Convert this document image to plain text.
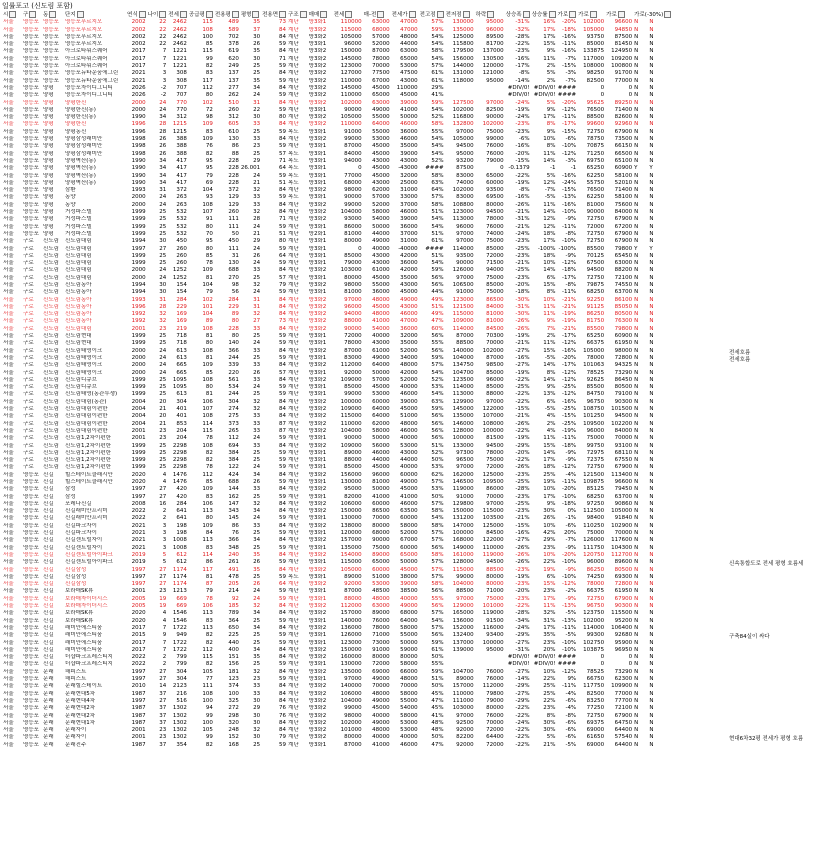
일률포고 (신도림 포함)
시	구	동	단지	연식	나이	전세	공급평	전용평	평형	전용면	구조	매매	전세	매-전	전세가	전고점	전저점	하락	상승폭	상승률	가로	가로	가로	가로(-30%)	
서울	영등포	영등포	영등포푸르지오	2002	22	2462	115	489	35	73	계단	방3화1	110000	63000	47000	57%	130000	95000	-31%	16%	-20%	102000	96600	N	N
서울	영등포	영등포	영등포푸르지오	2002	22	2462	108	589	37	84	계단	방3화2	115000	68000	47000	59%	135000	96000	-32%	17%	-18%	105000	94850	N	N
서울	영등포	영등포	영등포푸르지오	2002	22	2462	100	702	30	84	계단	방3화2	105000	57000	48000	54%	125000	89500	-28%	17%	-16%	93750	87500	N	N
서울	영등포	영등포	영등포푸르지오	2002	22	2462	85	378	26	59	계단	방3화1	96000	52000	44000	54%	115800	81700	-22%	15%	-11%	85000	81450	N	N
서울	영등포	영등포	아크로타워스퀘어	2017	7	1221	115	619	35	84	계단	방3화2	150000	87000	63000	58%	179500	137000	-23%	9%	-16%	133875	124950	N	N
서울	영등포	영등포	아크로타워스퀘어	2017	7	1221	99	620	30	71	계단	방3화2	145000	78000	65000	54%	156000	130500	-16%	11%	-7%	117000	109200	N	N
서울	영등포	영등포	아크로타워스퀘어	2017	7	1221	82	249	25	59	계단	방3화2	123000	70000	53000	57%	144000	120000	-17%	2%	-15%	108000	100800	N	N
서울	영등포	영등포	영등포뉴타운꿈에그린	2021	3	308	83	137	25	84	계단	방3화2	127000	77500	47500	61%	131000	121000	-8%	5%	-3%	98250	91700	N	N
서울	영등포	영등포	영등포뉴타운꿈에그린	2021	3	308	117	137	35	59	계단	방3화2	110000	67000	43000	61%	118000	95000	-14%	2%	-7%	82500	77000	N	N
서울	영등포	양평	영등포자이디그니티	2026	-2	707	112	277	34	84	계단	방3화2	145000	45000	110000	29%			#DIV/0!	#DIV/0!	####	0	0	N	N
서울	영등포	양평	영등포자이디그니티	2026	-2	707	80	262	24	59	계단	방3화2	110000	65000	45000	41%			#DIV/0!	#DIV/0!	####	0	0	N	N
서울	영등포	양평	양평한신	2000	24	770	102	510	31	84	계단	방3화2	102000	63000	39000	59%	127500	97000	-24%	5%	-20%	95625	89250	N	N
서울	영등포	양평	양평한신(동)	2000	24	770	72	260	22	59	계단	방3화1	90000	49000	41000	54%	102000	82500	-19%	9%	-12%	76500	71400	N	N
서울	영등포	양평	양평한신(동)	1990	34	312	98	312	30	80	계단	방3화2	105000	55000	50000	52%	116800	90000	-24%	17%	-11%	88500	82600	N	N
서울	영등포	양평	양평한신	1996	28	1215	109	605	33	84	계단	방3화2	110000	64000	46000	58%	132800	102000	-23%	8%	-17%	99600	92960	N	N
서울	영등포	양평	양평동신	1996	28	1215	83	610	25	59	복도	방3화1	91000	55000	36000	55%	97000	75000	-23%	9%	-15%	72750	67900	N	N
서울	영등포	양평	양평삼성래미안	1998	26	388	109	130	33	84	계단	방3화2	99000	53000	46000	54%	105000	99000	-6%	10%	-6%	78750	73500	N	N
서울	영등포	양평	양평삼성래미안	1998	26	388	76	86	23	59	계단	방3화1	87000	45000	35000	54%	94500	76000	-16%	8%	-10%	70875	66150	N	N
서울	영등포	양평	양평삼성래미안	1998	26	388	82	88	25	57	복도	방3화1	84000	45000	39000	54%	95000	76000	-20%	11%	-12%	71250	66500	N	N
서울	영등포	양평	양평벽산(동)	1990	34	417	95	228	29	71	복도	방3화1	94000	43000	43000	52%	93200	79000	-15%	14%	-3%	69750	65100	N	N
서울	영등포	양평	양평벽산(동)	1990	34	417	95	228	26.001	64	복도	방3화1	0	45000	-43000	####	87500	0	-0.1379	-1	-1	65250	60900	Y	Y
서울	영등포	양평	양평벽산(동)	1990	34	417	79	228	24	59	복도	방3화1	77000	45000	32000	58%	83000	65000	-22%	5%	-16%	62250	58100	N	N
서울	영등포	양평	양평벽산(동)	1990	34	417	69	228	21	51	복도	방3화1	68000	43000	25000	63%	74000	60000	-19%	12%	-24%	55750	52010	N	N
서울	영등포	양평	삼환	1993	31	372	104	372	32	84	계단	방3화2	98000	62000	31000	64%	102000	93500	-8%	-7%	-15%	76500	71400	N	N
서울	영등포	양평	동양	2000	24	263	93	129	33	59	복도	방3화1	90000	57000	33000	57%	83000	69500	-16%	-5%	-13%	62250	58100	N	N
서울	영등포	양평	동양	2000	24	263	108	129	33	84	계단	방3화2	99000	52000	37000	58%	108800	80000	-26%	11%	-16%	81000	75600	N	N
서울	영등포	양평	거성파스텔	1999	25	532	107	260	32	84	계단	방3화2	104000	58000	46000	51%	123000	94500	-21%	14%	-10%	90000	84000	N	N
서울	영등포	양평	거성파스텔	1999	25	532	91	111	28	71	계단	방3화2	93000	54000	39000	54%	113000	78000	-31%	12%	-9%	72750	67900	N	N
서울	영등포	양평	거성파스텔	1999	25	532	80	111	24	59	계단	방3화1	86000	50000	36000	54%	96000	76000	-21%	12%	-11%	72000	67200	N	N
서울	영등포	양평	거성파스텔	1999	25	532	70	50	21	51	계단	방2화1	81000	44000	37000	51%	97000	74000	-24%	18%	-8%	72750	67900	N	N
서울	구로	신도림	신도림대림	1994	30	450	95	450	29	80	계단	방3화1	80000	49000	31000	61%	97000	75000	-23%	17%	-10%	72750	67900	N	N
서울	구로	신도림	신도림대림	1997	27	260	80	111	24	59	계단	방3화1	0	40000	-40000	####	114000	85000	-25%	-100%	-100%	85500	79800	Y	Y
서울	구로	신도림	신도림대림	1999	25	260	85	31	26	64	계단	방3화1	85000	43000	42000	51%	93500	72000	-23%	18%	-9%	70125	65450	N	N
서울	구로	신도림	신도림대림	1999	25	260	78	130	24	59	계단	방3화1	79000	43000	36000	54%	90000	71500	-21%	10%	-12%	67500	63000	N	N
서울	구로	신도림	신도림대림	2000	24	1252	109	688	33	84	계단	방3화2	103000	61000	42000	59%	126000	94000	-25%	14%	-18%	94500	88200	N	N
서울	구로	신도림	신도림대림	2000	24	1252	81	270	25	57	계단	방3화1	80000	45000	35000	56%	97000	75000	-23%	6%	-17%	72750	72100	N	N
서울	구로	신도림	신도림동아	1994	30	154	104	98	32	79	계단	방3화2	98000	55000	43000	56%	106500	85000	-20%	15%	-8%	79875	74550	N	N
서울	구로	신도림	신도림동아	1994	30	154	79	56	24	59	계단	방3화1	81000	36000	45000	44%	91000	75000	-18%	8%	-11%	68250	63700	N	N
서울	구로	신도림	신도림동아	1993	31	284	102	284	31	84	계단	방3화2	97000	48000	49000	49%	123000	86500	-30%	10%	-21%	92250	86100	N	N
서울	구로	신도림	신도림동아	1996	28	229	101	229	31	84	계단	방3화2	96000	45000	43000	51%	121500	84000	-31%	11%	-21%	91125	85050	N	N
서울	구로	신도림	신도림동아	1992	32	169	104	89	32	84	계단	방3화2	94000	48000	46000	49%	115000	81000	-30%	11%	-19%	86250	80500	N	N
서울	구로	신도림	신도림동아	1992	32	169	89	80	27	73	계단	방3화2	88000	41000	47000	47%	109000	81000	-26%	9%	-19%	81750	76300	N	N
서울	구로	신도림	신도림대림	2001	23	219	108	228	33	84	계단	방3화2	90000	54000	36000	60%	114000	84500	-26%	7%	-21%	85500	79800	N	N
서울	구로	신도림	신도림현대	1999	25	718	81	80	25	59	계단	방3화1	72000	40000	32000	56%	87000	70300	-19%	2%	-17%	65250	60900	N	N
서울	구로	신도림	신도림현대	1999	25	718	80	140	24	59	계단	방3화1	78000	43000	35000	55%	88500	70000	-21%	11%	-12%	66375	61950	N	N
서울	구로	신도림	신도림태영이크	2000	24	613	108	366	33	84	계단	방3화2	87000	61000	52000	56%	140000	102000	-27%	15%	-16%	105000	98000	N	N
서울	구로	신도림	신도림태영이크	2000	24	613	81	244	25	59	계단	방3화1	83000	49000	34000	59%	104000	87000	-16%	-5%	-20%	78000	72800	N	N
서울	구로	신도림	신도림태영이크	2000	24	665	109	339	33	84	계단	방3화2	112000	64000	48000	57%	134750	98500	-27%	14%	-17%	101063	94325	N	N
서울	구로	신도림	신도림태영이크	2000	24	665	85	220	26	57	계단	방3화1	92000	50000	42000	54%	104700	85000	-19%	8%	-12%	78525	73290	N	N
서울	구로	신도림	신도림디큐브	1999	25	1095	108	561	33	84	계단	방3화2	109000	57000	52000	52%	123500	96000	-22%	14%	-12%	92625	86450	N	N
서울	구로	신도림	신도림디큐브	1999	25	1095	80	534	24	59	계단	방3화1	85000	45000	40000	53%	114000	85000	-25%	9%	-25%	85500	80500	N	N
서울	구로	신도림	신도림태영(동관투쟁)	1999	25	613	81	244	25	59	계단	방3화1	99000	53000	46000	54%	113000	88000	-22%	13%	-12%	84750	79100	N	N
서울	구로	신도림	신도림대림(동관)	2004	20	304	106	304	32	84	계단	방3화2	100000	60000	39000	63%	129900	97000	-22%	6%	-16%	96750	90300	N	N
서울	구로	신도림	신도림대림이편한	2004	21	401	107	274	32	84	계단	방3화2	109000	64000	45000	59%	145000	122000	-15%	-5%	-25%	108750	101500	N	N
서울	구로	신도림	신도림대림이편한	2004	20	401	108	275	33	84	계단	방3화2	115000	64000	51000	56%	135000	107000	-21%	4%	-15%	101250	94500	N	N
서울	구로	신도림	신도림대림이편한	2004	21	853	114	373	33	87	계단	방3화2	110000	62000	48000	56%	146000	108000	-26%	2%	-25%	109500	102200	N	N
서울	구로	신도림	신도림대림이편한	2001	23	204	115	265	33	87	계단	방3화2	104000	58000	46000	56%	128000	100000	-22%	4%	-19%	96000	84000	N	N
서울	구로	신도림	신도림1,2차이편한	2001	23	204	78	112	24	59	계단	방3화1	90000	50000	40000	56%	100000	81500	-19%	11%	-11%	75000	70000	N	N
서울	구로	신도림	신도림1,2차이편한	1999	25	2298	108	694	33	84	계단	방3화2	109000	56000	53000	51%	133000	94500	-29%	15%	-18%	99750	93100	N	N
서울	구로	신도림	신도림1,2차이편한	1999	25	2298	82	384	25	59	계단	방3화1	89000	46000	43000	52%	97300	78000	-20%	14%	-9%	72975	68110	N	N
서울	구로	신도림	신도림1,2차이편한	1999	25	2298	82	384	25	59	계단	방3화1	88000	44000	44000	50%	96500	75000	-22%	17%	-9%	72375	67550	N	N
서울	구로	신도림	신도림1,2차이편한	1999	25	2298	78	122	24	59	계단	방3화1	85000	45000	40000	53%	97000	72000	-26%	18%	-12%	72750	67900	N	N
서울	영등포	신길	힐스테이트클래시안	2020	4	1476	112	424	34	84	계단	방3화2	156000	96000	60000	62%	162000	125000	-23%	25%	-4%	121500	113400	N	N
서울	영등포	신길	힐스테이트클래시안	2020	4	1476	85	688	26	59	계단	방3화1	130000	81000	49000	57%	146500	109500	-25%	19%	-11%	109875	96600	N	N
서울	영등포	신길	삼성	1997	27	420	109	144	33	84	계단	방3화2	95000	50000	45000	53%	119000	86000	-28%	10%	-20%	85125	79450	N	N
서울	영등포	신길	삼성	1997	27	420	83	162	25	59	계단	방3화1	82000	41000	41000	50%	91000	70000	-23%	17%	-10%	68250	63700	N	N
서울	영등포	신길	포레나신길	2008	16	284	106	147	32	84	계단	방3화2	106000	60000	46000	57%	129800	97000	-25%	9%	-18%	97250	90860	N	N
서울	영등포	신길	신길래미안프리미	2022	2	641	113	343	34	84	계단	방3화2	150000	86500	63500	58%	150000	115000	-23%	30%	0%	112500	105000	N	N
서울	영등포	신길	신길래미안프리미	2022	2	641	80	145	24	59	계단	방3화1	130000	70000	60000	54%	131200	103500	-21%	26%	-1%	98400	91840	N	N
서울	영등포	신길	신길파크자이	2021	3	198	109	86	33	84	계단	방3화2	138000	80000	58000	58%	147000	125000	-15%	10%	-6%	110250	102900	N	N
서울	영등포	신길	신길파크자이	2021	3	198	84	76	25	59	계단	방3화1	120000	68000	52000	57%	100000	84500	-16%	42%	20%	75000	70000	N	N
서울	영등포	신길	신길센트럴자이	2021	3	1008	113	366	34	84	계단	방3화2	157000	90000	67000	57%	168000	122000	-27%	29%	-7%	126000	117600	N	N
서울	영등포	신길	신길센트럴자이	2021	3	1008	83	348	25	59	계단	방3화1	135000	75000	60000	56%	149000	110000	-26%	23%	-9%	111750	104300	N	N
서울	영등포	신길	신길센트럴아이파크	2019	5	612	114	240	35	84	계단	방3화2	154000	89000	65000	58%	161000	119000	-26%	10%	-20%	120750	112700	N	N
서울	영등포	신길	신길센트럴아이파크	2019	5	612	86	261	26	59	계단	방3화1	115000	65000	50000	57%	128000	94500	-26%	22%	-10%	96000	89600	N	N
서울	영등포	신길	신길삼성	1997	27	1174	117	491	35	84	계단	방3화2	105000	60000	45000	57%	115000	88500	-23%	19%	-9%	86250	80500	N	N
서울	영등포	신길	신길삼성	1997	27	1174	81	478	25	59	복도	방3화1	89000	51000	38000	57%	99000	80000	-19%	6%	-10%	74250	69300	N	N
서울	영등포	신길	신길삼성	1997	27	1174	87	205	26	64	계단	방3화2	92000	53000	39000	58%	104000	80000	-23%	15%	-12%	78000	72800	N	N
서울	영등포	신길	보라매SK뷰	2001	23	1213	79	214	24	59	계단	방3화1	87000	48500	38500	56%	88500	71000	-20%	23%	-2%	66375	61950	N	N
서울	영등포	신길	보라매자이더시스	2005	19	669	78	92	24	59	계단	방3화1	88000	48000	40000	55%	97000	75000	-23%	17%	-9%	72750	67900	N	N
서울	영등포	신길	보라매자이더시스	2005	19	669	106	185	32	84	계단	방3화2	112000	63000	49000	56%	129000	101000	-22%	11%	-13%	96750	90300	N	N
서울	영등포	신길	보라매SK뷰	2020	4	1546	113	789	34	84	계단	방3화2	157000	89000	68000	57%	165000	119000	-28%	32%	-5%	123750	115500	N	N
서울	영등포	신길	보라매SK뷰	2020	4	1546	83	364	25	59	계단	방3화1	140000	76000	64000	54%	136000	91500	-34%	31%	-13%	102000	95200	N	N
서울	영등포	신길	래미안에스티움	2017	7	1722	113	650	34	84	계단	방3화2	136000	78000	58000	57%	152000	116000	-24%	17%	-11%	114000	106400	N	N
서울	영등포	신길	래미안에스티움	2015	9	949	82	225	25	59	계단	방3화1	126000	71000	55000	56%	132400	93400	-29%	35%	-5%	99300	92680	N	N
서울	영등포	신길	래미안에스티움	2017	7	1722	82	440	25	59	계단	방3화1	123000	73000	50000	59%	137000	100000	-27%	23%	-10%	102750	95900	N	N
서울	영등포	신길	래미안에스티움	2017	7	1722	112	400	34	84	계단	방3화2	150000	91000	59000	61%	139000	95000	-31%	20%	-10%	103875	96950	N	N
서울	영등포	신길	더샵파크프레스티지	2022	2	799	115	151	35	84	계단	방3화2	160000	80000	80000	50%			#DIV/0!	#DIV/0!	####	0	0	N	N
서울	영등포	신길	더샵파크프레스티지	2022	2	799	82	156	25	59	계단	방3화1	130000	72000	58000	55%			#DIV/0!	#DIV/0!	####	0	0	N	N
서울	영등포	문래	해피스트	1997	27	304	105	181	32	84	계단	방3화2	135000	69000	66000	59%	104700	76000	-27%	10%	-12%	78525	73290	N	N
서울	영등포	문래	해피스트	1997	27	304	77	123	23	59	계단	방3화1	97000	49000	48000	51%	89000	76000	-14%	22%	9%	66750	62300	N	N
서울	영등포	문래	문래힐스테이트	2010	14	2123	111	374	33	84	계단	방3화2	140000	70000	70000	50%	157000	112000	-29%	25%	-11%	117750	109900	N	N
서울	영등포	문래	문래현대5차	1987	37	216	108	100	33	84	계단	방3화2	106000	48000	58000	45%	110000	79800	-27%	25%	-4%	82500	77000	N	N
서울	영등포	문래	문래현대4차	1997	27	516	100	325	30	84	계단	방3화2	104000	49000	55000	47%	111000	79000	-29%	22%	-6%	83250	77700	N	N
서울	영등포	문래	문래현대2차	1987	37	1302	94	272	29	76	계단	방3화2	99000	45000	54000	45%	103000	80000	-22%	23%	-4%	77250	72100	N	N
서울	영등포	문래	문래현대2차	1987	37	1302	99	298	30	76	계단	방3화2	98000	40000	58000	41%	97000	76000	-22%	8%	-8%	72750	67900	N	N
서울	영등포	문래	문래현대1차	1987	37	1302	100	320	30	84	계단	방3화2	102000	49000	53000	48%	92500	70000	-24%	30%	-6%	69375	64750	N	N
서울	영등포	문래	문래자이	2001	23	1302	105	248	32	84	계단	방3화2	101000	48000	53000	48%	92000	72000	-22%	30%	-6%	69000	64400	N	N
서울	영등포	문래	문래자이	2001	23	1302	99	152	30	79	계단	방3화2	80000	40000	40000	50%	82200	64400	-22%	5%	-6%	61650	57540	N	N
서울	영등포	문래	문래진주	1987	37	354	82	168	25	59	계단	방3화1	87000	41000	46000	47%	92000	72000	-22%	21%	-5%	69000	64400	N	N
전세호름
전세호름
신속통합도로 전세 평형 호름세
구축84실이 싸다
현대6차32평 전세가 평형 호름
